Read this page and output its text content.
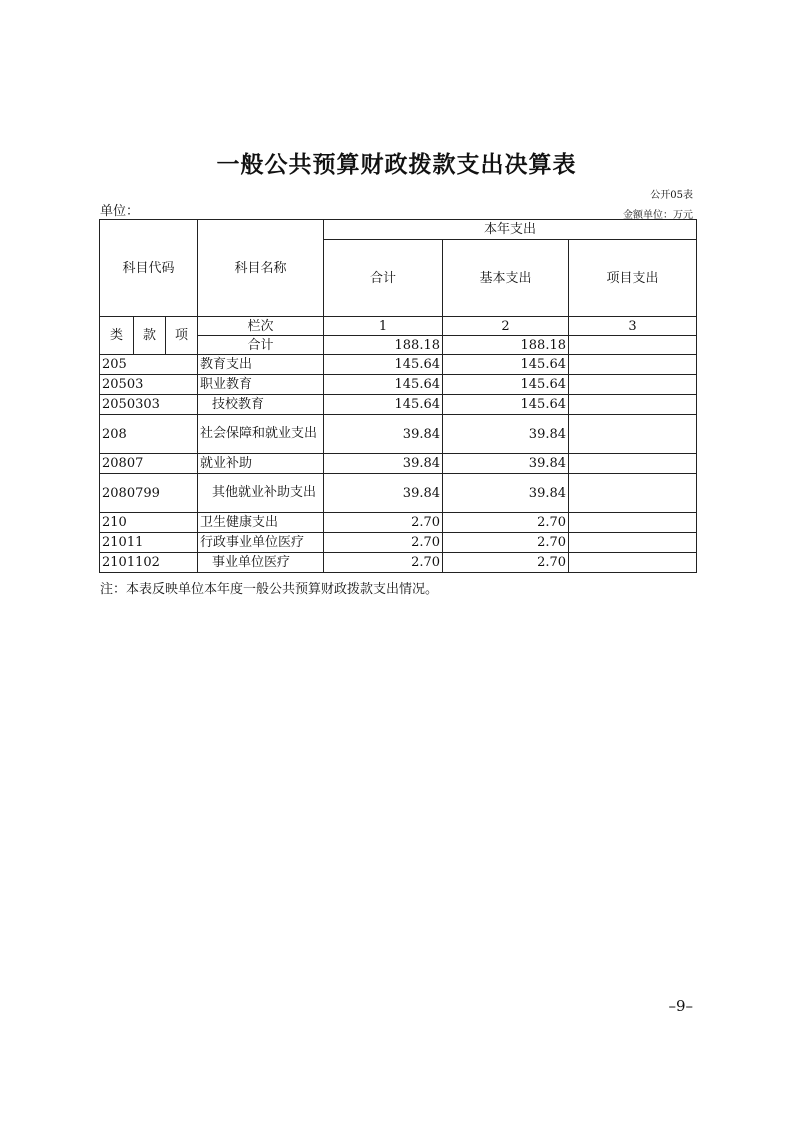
一般公共预算财政拨款支出决算表
公开05表
单位：	金额单位：万元
科目代码			科目名称	本年支出		
				合计	基本支出	项目支出
类	款	项	栏次	1	2	3
			合计	188.18	188.18	
205			教育支出	145.64	145.64	
20503			职业教育	145.64	145.64	
2050303			技校教育	145.64	145.64	
208			社会保障和就业支出	39.84	39.84	
20807			就业补助	39.84	39.84	
2080799			其他就业补助支出	39.84	39.84	
210			卫生健康支出	2.70	2.70	
21011			行政事业单位医疗	2.70	2.70	
2101102			事业单位医疗	2.70	2.70	
注：本表反映单位本年度一般公共预算财政拨款支出情况。
–9–
